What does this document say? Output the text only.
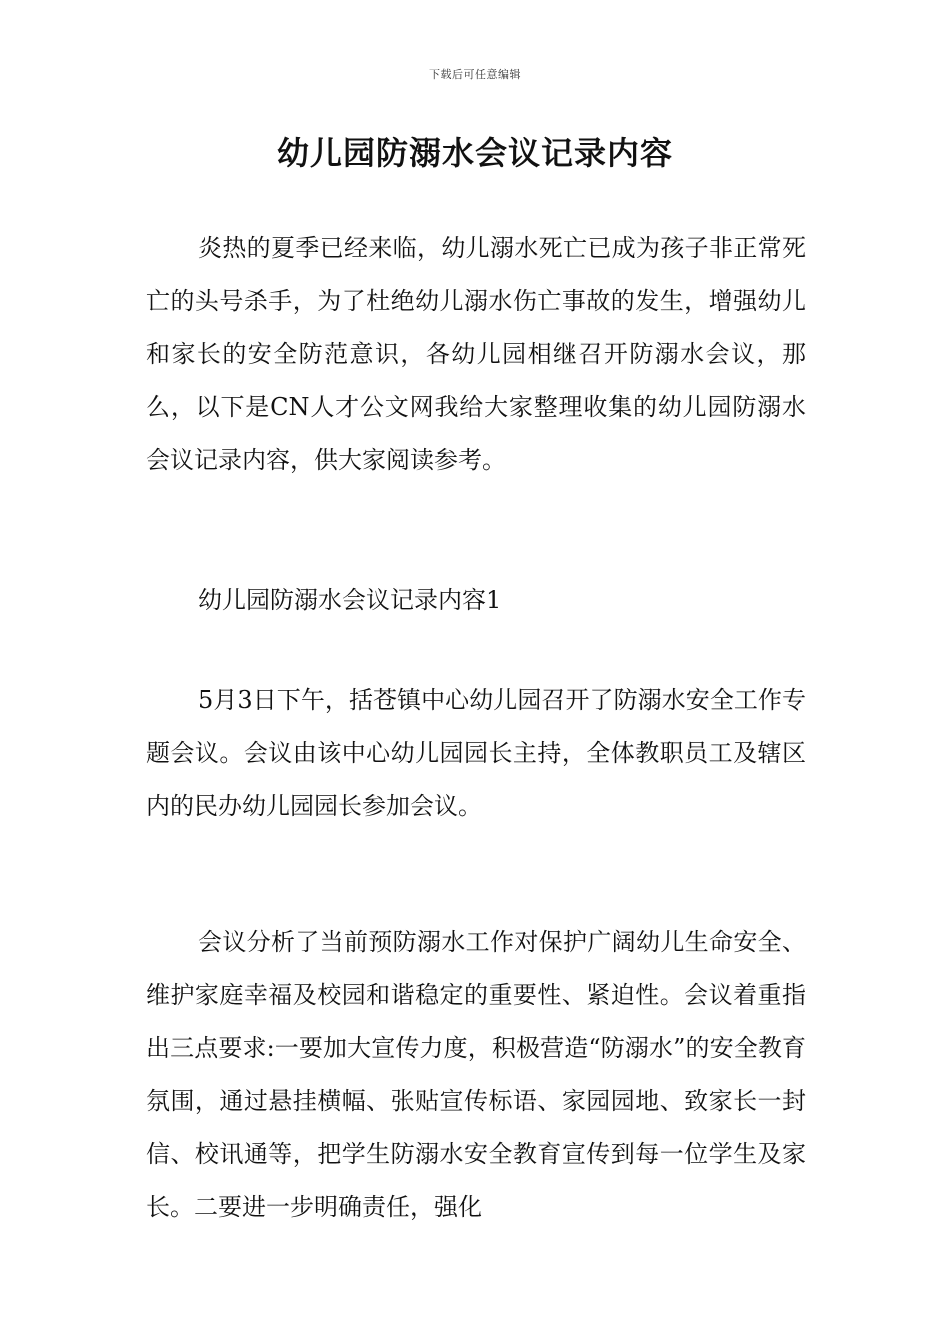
下载后可任意编辑
幼儿园防溺水会议记录内容

炎热的夏季已经来临，幼儿溺水死亡已成为孩子非正常死亡的头号杀手，为了杜绝幼儿溺水伤亡事故的发生，增强幼儿和家长的安全防范意识，各幼儿园相继召开防溺水会议，那么，以下是CN人才公文网我给大家整理收集的幼儿园防溺水会议记录内容，供大家阅读参考。

幼儿园防溺水会议记录内容1

5月3日下午，括苍镇中心幼儿园召开了防溺水安全工作专题会议。会议由该中心幼儿园园长主持，全体教职员工及辖区内的民办幼儿园园长参加会议。

会议分析了当前预防溺水工作对保护广阔幼儿生命安全、维护家庭幸福及校园和谐稳定的重要性、紧迫性。会议着重指出三点要求:一要加大宣传力度，积极营造“防溺水”的安全教育氛围，通过悬挂横幅、张贴宣传标语、家园园地、致家长一封信、校讯通等，把学生防溺水安全教育宣传到每一位学生及家长。二要进一步明确责任，强化
